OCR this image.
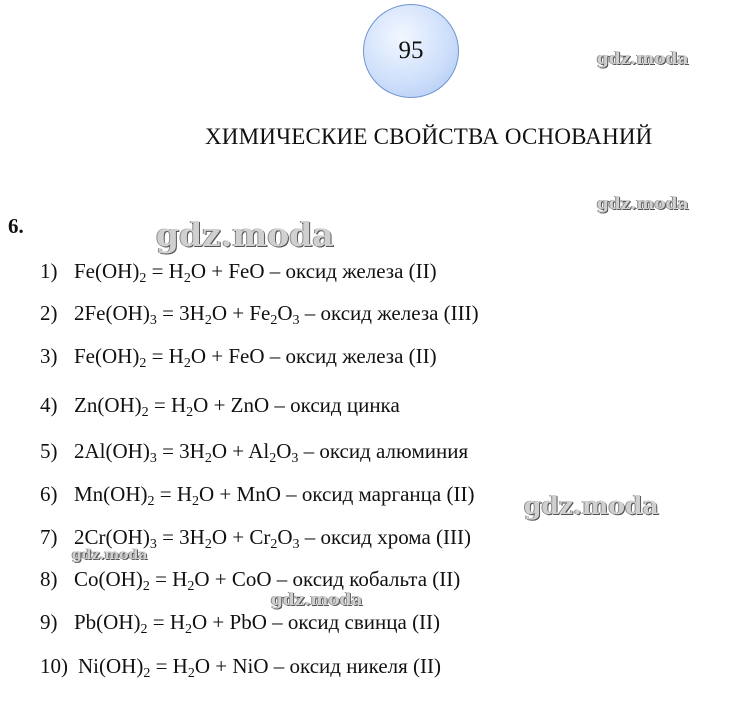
95
ХИМИЧЕСКИЕ СВОЙСТВА ОСНОВАНИЙ
6.
1) $Fe(OH)_2 = H_2O$ + FeO – оксид железа (II)
2) $2Fe(OH)_3 = 3H_2O + Fe_2O_3$ – оксид железа (III)
3) $Fe(OH)_2 = H_2O$ + FeO – оксид железа (II)
4) $Zn(OH)_2 = H_2O$ + ZnO – оксид цинка
5) $2Al(OH)_3 = 3H_2O + Al_2O_3$ – оксид алюминия
6) $Mn(OH)_2 = H_2O$ + MnO – оксид марганца (II)
7) $2Cr(OH)_3 = 3H_2O + Cr_2O_3$ – оксид хрома (III)
8) $Co(OH)_2 = H_2O$ + CoO – оксид кобальта (II)
9) $Pb(OH)_2 = H_2O$ + PbO – оксид свинца (II)
10) $Ni(OH)_2 = H_2O$ + NiO – оксид никеля (II)
gdz.moda
gdz.moda
gdz.moda
gdz.moda
gdz.moda
gdz.moda
